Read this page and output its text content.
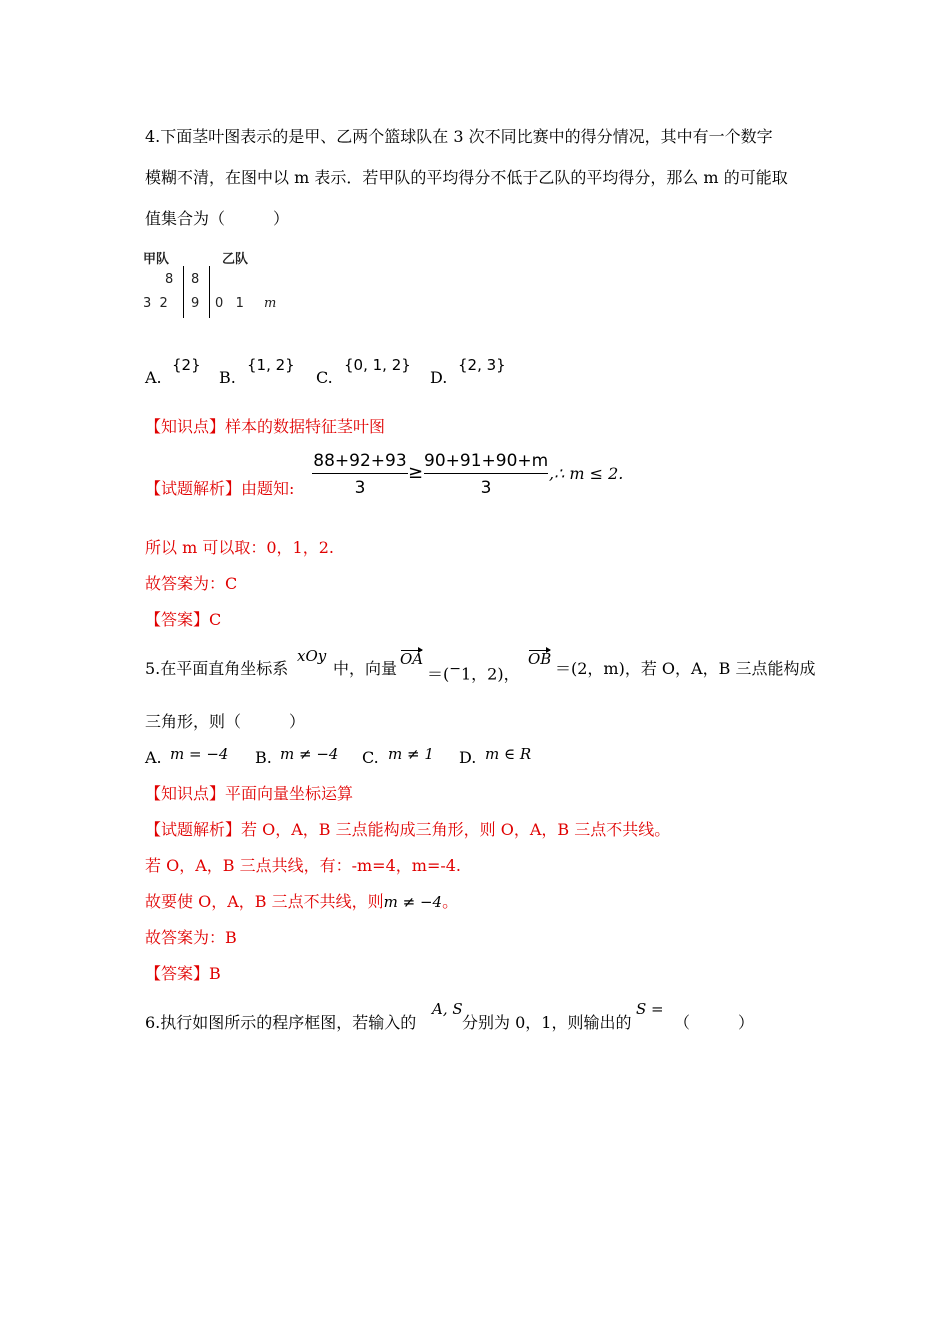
4.下面茎叶图表示的是甲、乙两个篮球队在 3 次不同比赛中的得分情况，其中有一个数字
模糊不清，在图中以 m 表示．若甲队的平均得分不低于乙队的平均得分，那么 m 的可能取
值集合为（　　　）
甲队	乙队
8 8
3  2 9 0   1 m
A.
{2}
B.
{1, 2}
C.
{0, 1, 2}
D.
{2, 3}
【知识点】样本的数据特征茎叶图
【试题解析】由题知:
88+92+93
3
≥
90+91+90+m
3
,∴ m ≤ 2.
所以 m 可以取：0，1，2.
故答案为：C
【答案】C
5.在平面直角坐标系
xOy
中，向量 OA
＝(−1，2)，
OB ＝(2，m)，若 O，A，B 三点能构成
三角形，则（　　　）
A. m = −4 B. m ≠ −4 C. m ≠ 1 D. m ∈ R
【知识点】平面向量坐标运算
【试题解析】若 O，A，B 三点能构成三角形，则 O，A，B 三点不共线。
若 O，A，B 三点共线，有：-m=4，m=-4.
故要使 O，A，B 三点不共线，则m ≠ −4。
故答案为：B
【答案】B
6.执行如图所示的程序框图，若输入的
A, S
分别为 0，1，则输出的
S =
（　　　）
